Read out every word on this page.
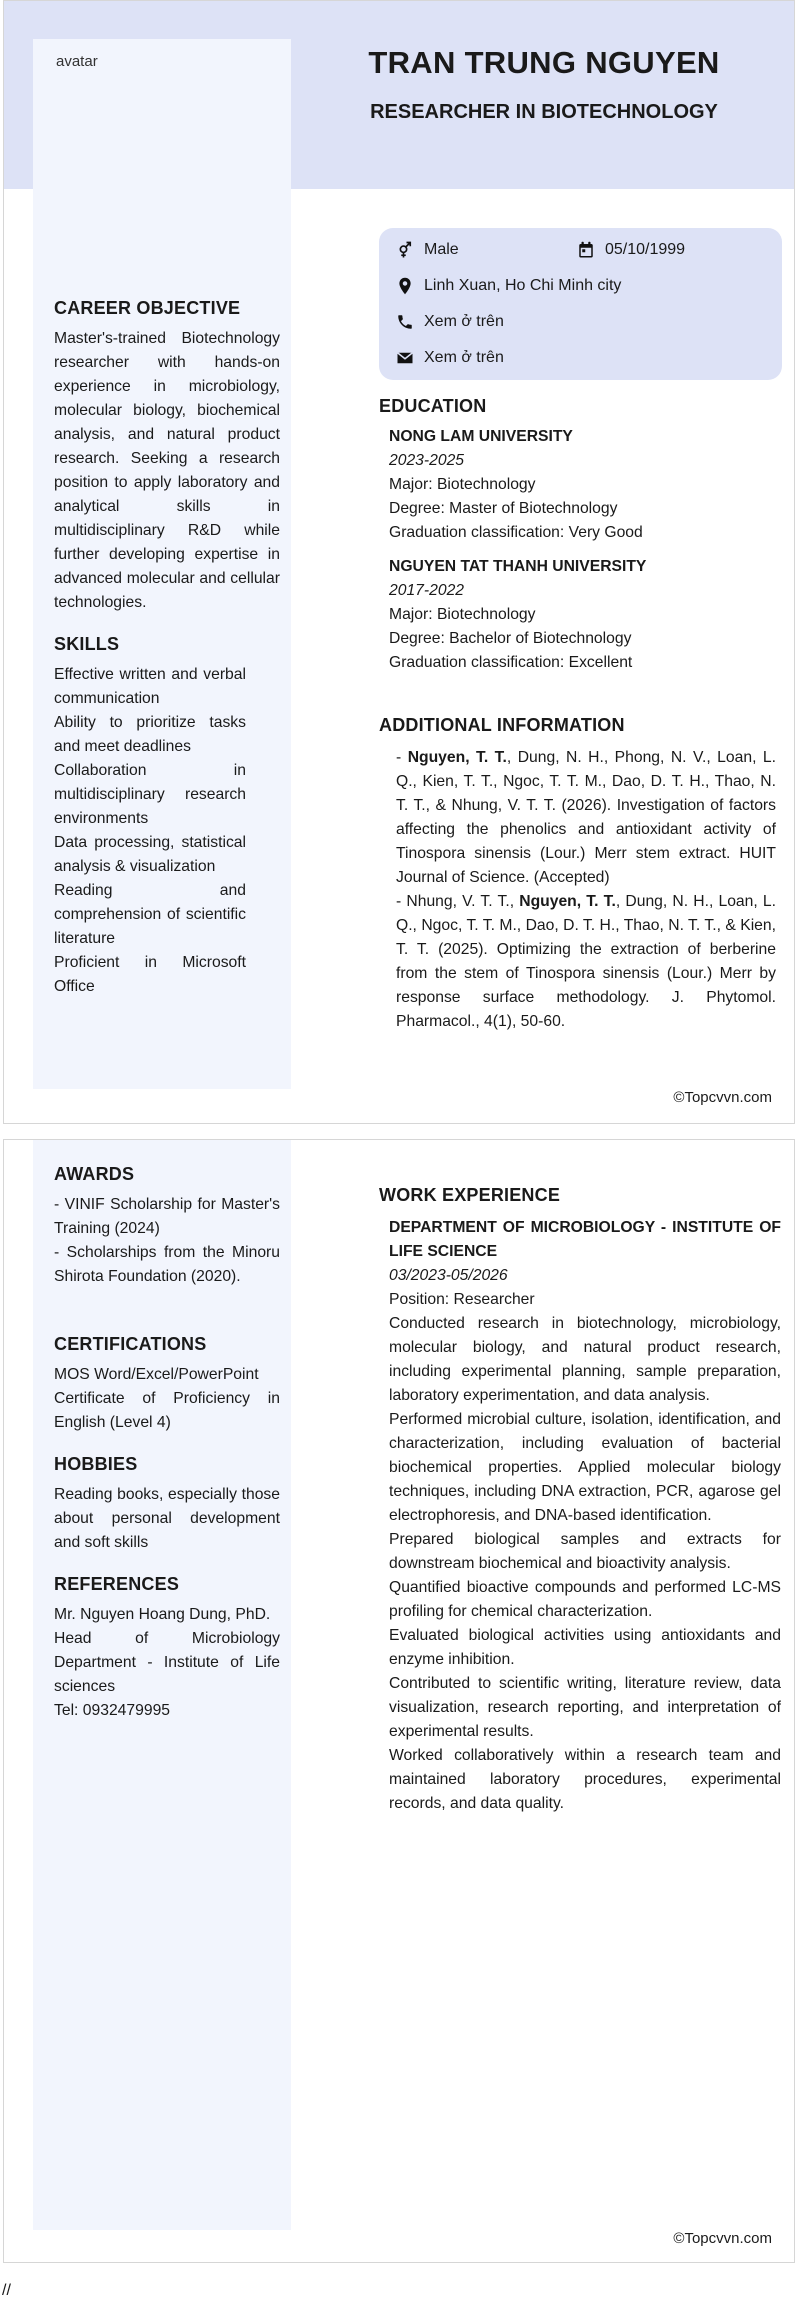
avatar	TRAN TRUNG NGUYEN
RESEARCHER IN BIOTECHNOLOGY
Male	05/10/1999
Linh Xuan, Ho Chi Minh city
Xem ở trên
Xem ở trên
CAREER OBJECTIVE

Master's-trained Biotechnology researcher with hands-on experience in microbiology, molecular biology, biochemical analysis, and natural product research. Seeking a research position to apply laboratory and analytical skills in multidisciplinary R&D while further developing expertise in advanced molecular and cellular technologies.

SKILLS

Effective written and verbal communication

Ability to prioritize tasks and meet deadlines

Collaboration in multidisciplinary research environments

Data processing, statistical analysis & visualization

Reading and comprehension of scientific literature

Proficient in Microsoft Office

EDUCATION

NONG LAM UNIVERSITY

2023-2025

Major: Biotechnology

Degree: Master of Biotechnology

Graduation classification: Very Good

NGUYEN TAT THANH UNIVERSITY

2017-2022

Major: Biotechnology

Degree: Bachelor of Biotechnology

Graduation classification: Excellent

ADDITIONAL INFORMATION

- Nguyen, T. T., Dung, N. H., Phong, N. V., Loan, L. Q., Kien, T. T., Ngoc, T. T. M., Dao, D. T. H., Thao, N. T. T., & Nhung, V. T. T. (2026). Investigation of factors affecting the phenolics and antioxidant activity of Tinospora sinensis (Lour.) Merr stem extract. HUIT Journal of Science. (Accepted)

- Nhung, V. T. T., Nguyen, T. T., Dung, N. H., Loan, L. Q., Ngoc, T. T. M., Dao, D. T. H., Thao, N. T. T., & Kien, T. T. (2025). Optimizing the extraction of berberine from the stem of Tinospora sinensis (Lour.) Merr by response surface methodology. J. Phytomol. Pharmacol., 4(1), 50-60.

©Topcvvn.com
AWARDS

- VINIF Scholarship for Master's Training (2024)

- Scholarships from the Minoru Shirota Foundation (2020).

CERTIFICATIONS

MOS Word/Excel/PowerPoint

Certificate of Proficiency in English (Level 4)

HOBBIES

Reading books, especially those about personal development and soft skills

REFERENCES

Mr. Nguyen Hoang Dung, PhD.

Head of Microbiology Department - Institute of Life sciences

Tel: 0932479995

WORK EXPERIENCE

DEPARTMENT OF MICROBIOLOGY - INSTITUTE OF LIFE SCIENCE

03/2023-05/2026

Position: Researcher

Conducted research in biotechnology, microbiology, molecular biology, and natural product research, including experimental planning, sample preparation, laboratory experimentation, and data analysis.

Performed microbial culture, isolation, identification, and characterization, including evaluation of bacterial biochemical properties. Applied molecular biology techniques, including DNA extraction, PCR, agarose gel electrophoresis, and DNA-based identification.

Prepared biological samples and extracts for downstream biochemical and bioactivity analysis.

Quantified bioactive compounds and performed LC-MS profiling for chemical characterization.

Evaluated biological activities using antioxidants and enzyme inhibition.

Contributed to scientific writing, literature review, data visualization, research reporting, and interpretation of experimental results.

Worked collaboratively within a research team and maintained laboratory procedures, experimental records, and data quality.

©Topcvvn.com
//
